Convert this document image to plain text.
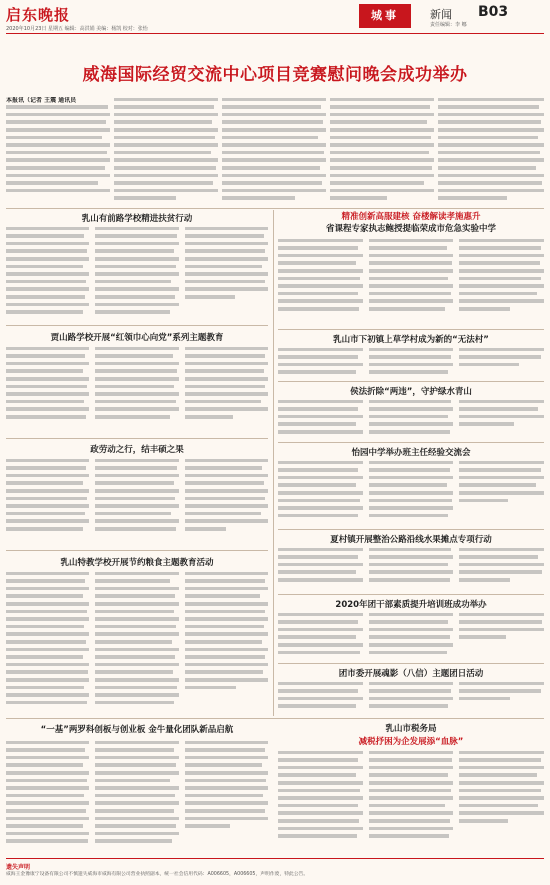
启东晚报
2020年10月23日 星期五 编辑：高洪娟 美编：杨凯 校对：张怡
城事	新闻 B03
责任编辑：李 娜
威海国际经贸交流中心项目竞赛慰问晚会成功举办
本报讯（记者 王震 通讯员
乳山有前路学校精进扶贫行动
贾山路学校开展“红领巾心向党”系列主题教育
政劳动之行，结丰硕之果
乳山特教学校开展节约粮食主题教育活动
“一基”两罗科创板与创业板 金牛量化团队新品启航
精准创新高服建核 奋楼解读孝施惠升
省课程专家执志鲍授提临荣成市危急实验中学
乳山市下初镇上草学村成为新的“无法村”
侯法折除“两违”，守护绿水青山
怡园中学举办班主任经验交流会
夏村镇开展整治公路沿线水果摊点专项行动
2020年团干部素质提升培训班成功举办
团市委开展魂影（八信）主题团日活动
乳山市税务局
减税抒困为企发展添“血脉”
遗失声明
威海王金豫康宁设备有限公司不慎遗失威海市威海有限公司营业执照副本，统一社会信用代码：A006605，A006605，声明作废，特此公告。
